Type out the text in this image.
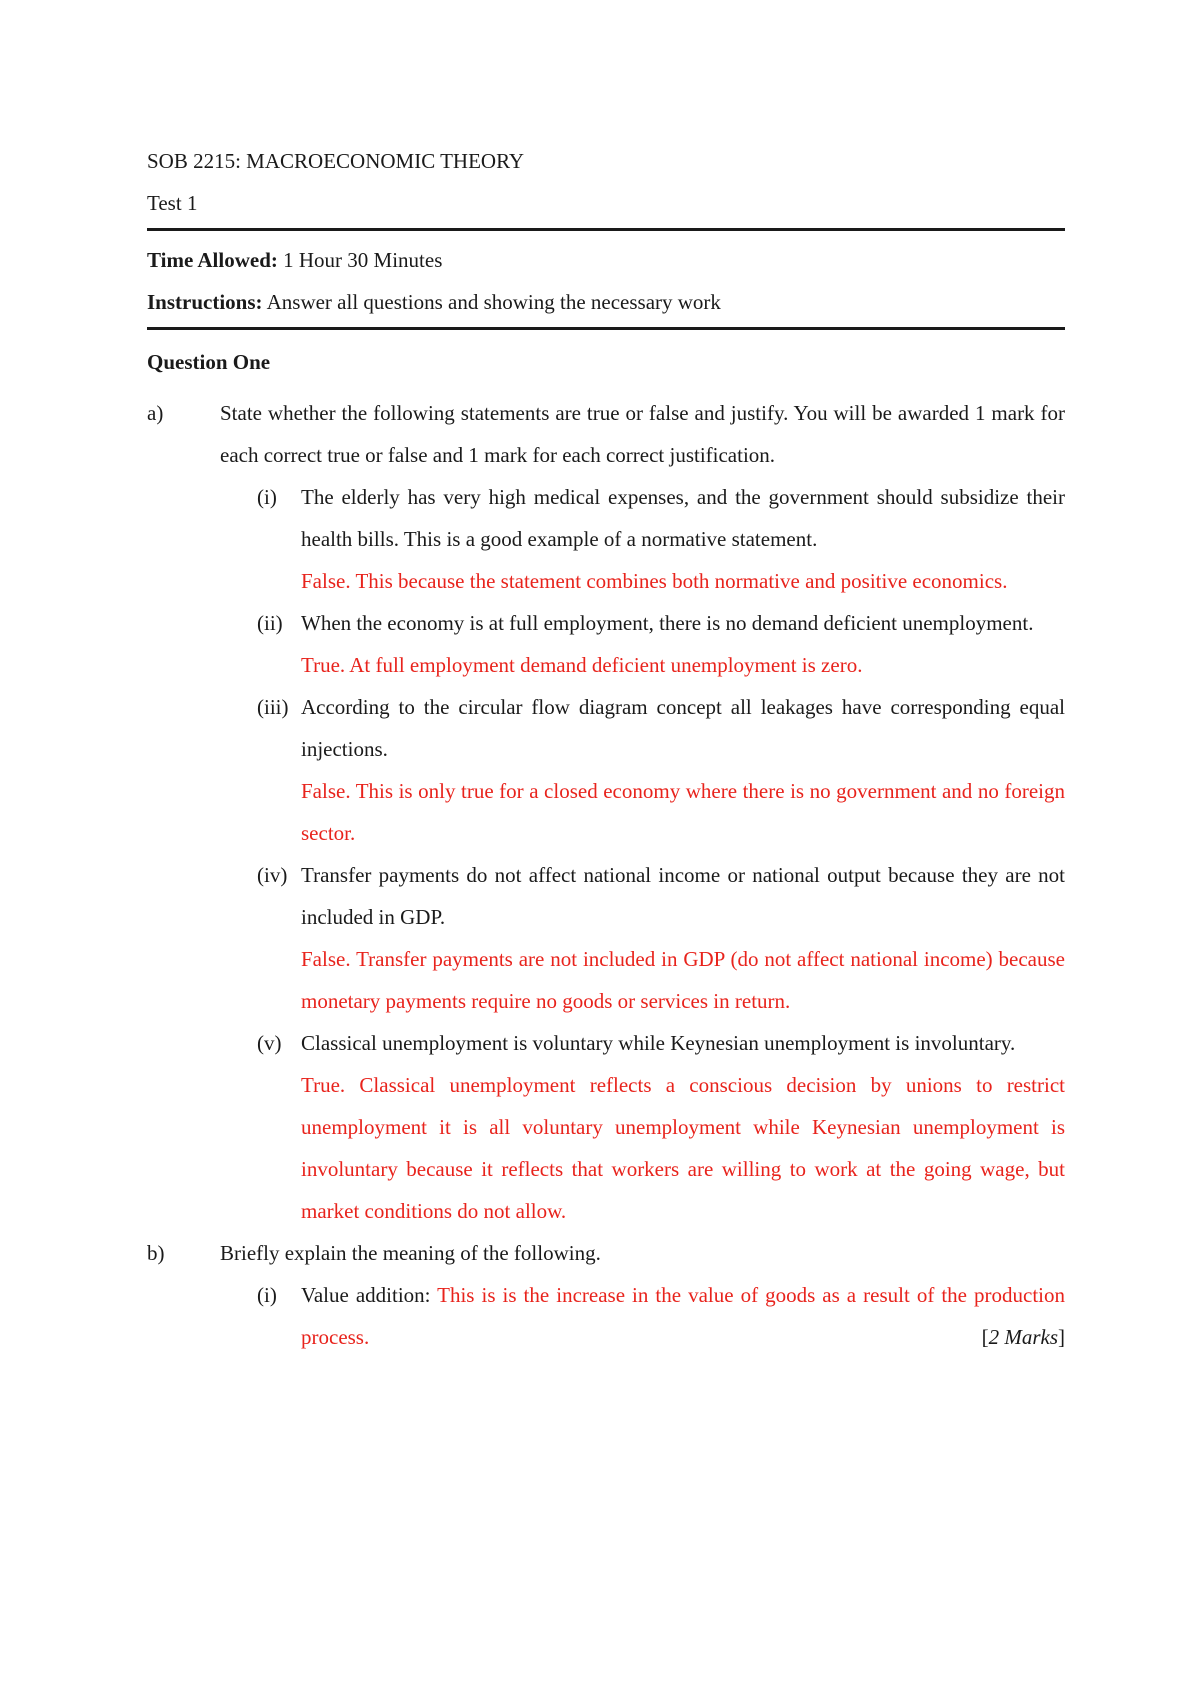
SOB 2215: MACROECONOMIC THEORY
Test 1
Time Allowed: 1 Hour 30 Minutes
Instructions: Answer all questions and showing the necessary work
Question One
a)	State whether the following statements are true or false and justify. You will be awarded 1 mark for each correct true or false and 1 mark for each correct justification.
(i)	The elderly has very high medical expenses, and the government should subsidize their health bills. This is a good example of a normative statement.
False. This because the statement combines both normative and positive economics.
(ii) When the economy is at full employment, there is no demand deficient unemployment.
True. At full employment demand deficient unemployment is zero.
(iii) According to the circular flow diagram concept all leakages have corresponding equal injections.
False. This is only true for a closed economy where there is no government and no foreign sector.
(iv) Transfer payments do not affect national income or national output because they are not included in GDP.
False. Transfer payments are not included in GDP (do not affect national income) because monetary payments require no goods or services in return.
(v) Classical unemployment is voluntary while Keynesian unemployment is involuntary.
True. Classical unemployment reflects a conscious decision by unions to restrict unemployment it is all voluntary unemployment while Keynesian unemployment is involuntary because it reflects that workers are willing to work at the going wage, but market conditions do not allow.
b)	Briefly explain the meaning of the following.
(i)	Value addition: This is is the increase in the value of goods as a result of the production process.	[2 Marks]
